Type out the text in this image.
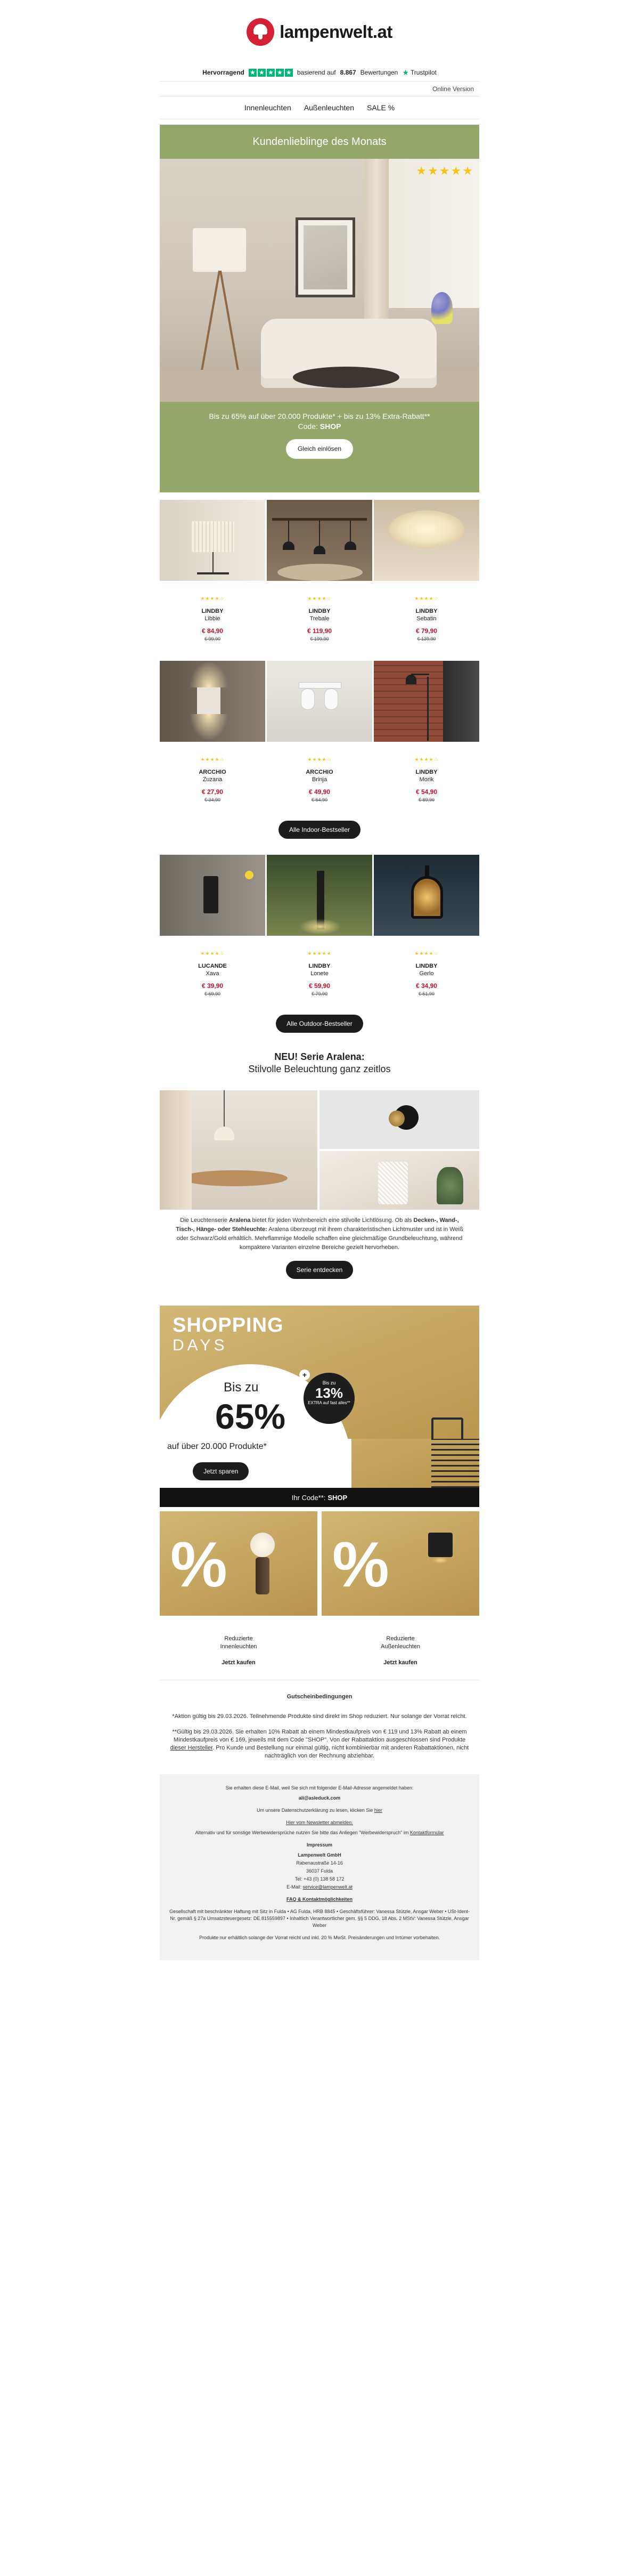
lampenwelt.at
Hervorragend ★ ★ ★ ★ ★ basierend auf 8.867 Bewertungen ★ Trustpilot
Online Version
Innenleuchten Außenleuchten SALE %
Kundenlieblinge des Monats
★ ★ ★ ★ ★
Bis zu 65% auf über 20.000 Produkte* + bis zu 13% Extra-Rabatt**
Code: SHOP
Gleich einlösen
★★★★☆
LINDBY
Libbie
€ 84,90
€ 99,90
★★★★☆
LINDBY
Trebale
€ 119,90
€ 199,90
★★★★☆
LINDBY
Sebatin
€ 79,90
€ 139,90
★★★★☆
ARCCHIO
Zuzana
€ 27,90
€ 34,90
★★★★☆
ARCCHIO
Brinja
€ 49,90
€ 64,90
★★★★☆
LINDBY
Morik
€ 54,90
€ 89,90
Alle Indoor-Bestseller
★★★★☆
LUCANDE
Xava
€ 39,90
€ 69,90
★★★★★
LINDBY
Lonete
€ 59,90
€ 79,90
★★★★☆
LINDBY
Gerlo
€ 34,90
€ 51,90
Alle Outdoor-Bestseller
NEU! Serie Aralena:
Stilvolle Beleuchtung ganz zeitlos
Die Leuchtenserie Aralena bietet für jeden Wohnbereich eine stilvolle Lichtlösung. Ob als Decken-, Wand-, Tisch-, Hänge- oder Stehleuchte: Aralena überzeugt mit ihrem charakteristischen Lichtmuster und ist in Weiß oder Schwarz/Gold erhältlich. Mehrflammige Modelle schaffen eine gleichmäßige Grundbeleuchtung, während kompaktere Varianten einzelne Bereiche gezielt hervorheben.
Serie entdecken
SHOPPING
DAYS
Bis zu
65%
Bis zu
13%
EXTRA auf fast alles**
+
auf über 20.000 Produkte*
Jetzt sparen
Ihr Code**: SHOP
%
Reduzierte
Innenleuchten
Jetzt kaufen
%
Reduzierte
Außenleuchten
Jetzt kaufen
Gutscheinbedingungen

*Aktion gültig bis 29.03.2026. Teilnehmende Produkte sind direkt im Shop reduziert. Nur solange der Vorrat reicht.

**Gültig bis 29.03.2026. Sie erhalten 10% Rabatt ab einem Mindestkaufpreis von € 119 und 13% Rabatt ab einem Mindestkaufpreis von € 169, jeweils mit dem Code "SHOP". Von der Rabattaktion ausgeschlossen sind Produkte dieser Hersteller. Pro Kunde und Bestellung nur einmal gültig, nicht kombinierbar mit anderen Rabattaktionen, nicht nachträglich von der Rechnung abziehbar.

Sie erhalten diese E-Mail, weil Sie sich mit folgender E-Mail-Adresse angemeldet haben:

ali@asleduck.com

Um unsere Datenschutzerklärung zu lesen, klicken Sie hier

Hier vom Newsletter abmelden.

Alternativ und für sonstige Werbewidersprüche nutzen Sie bitte das Anliegen "Werbewiderspruch" im Kontaktformular

Impressum

Lampenwelt GmbH

Rabenaustraße 14-16

36037 Fulda

Tel: +43 (0) 138 58 172

E-Mail: service@lampenwelt.at

FAQ & Kontaktmöglichkeiten

Gesellschaft mit beschränkter Haftung mit Sitz in Fulda • AG Fulda, HRB 8845 • Geschäftsführer: Vanessa Stützle, Ansgar Weber • USt-Ident-Nr. gemäß § 27a Umsatzsteuergesetz: DE 815559897 • Inhaltlich Verantwortlicher gem. §§ 5 DDG, 18 Abs. 2 MStV: Vanessa Stützle, Ansgar Weber

Produkte nur erhältlich solange der Vorrat reicht und inkl. 20 % MwSt. Preisänderungen und Irrtümer vorbehalten.
